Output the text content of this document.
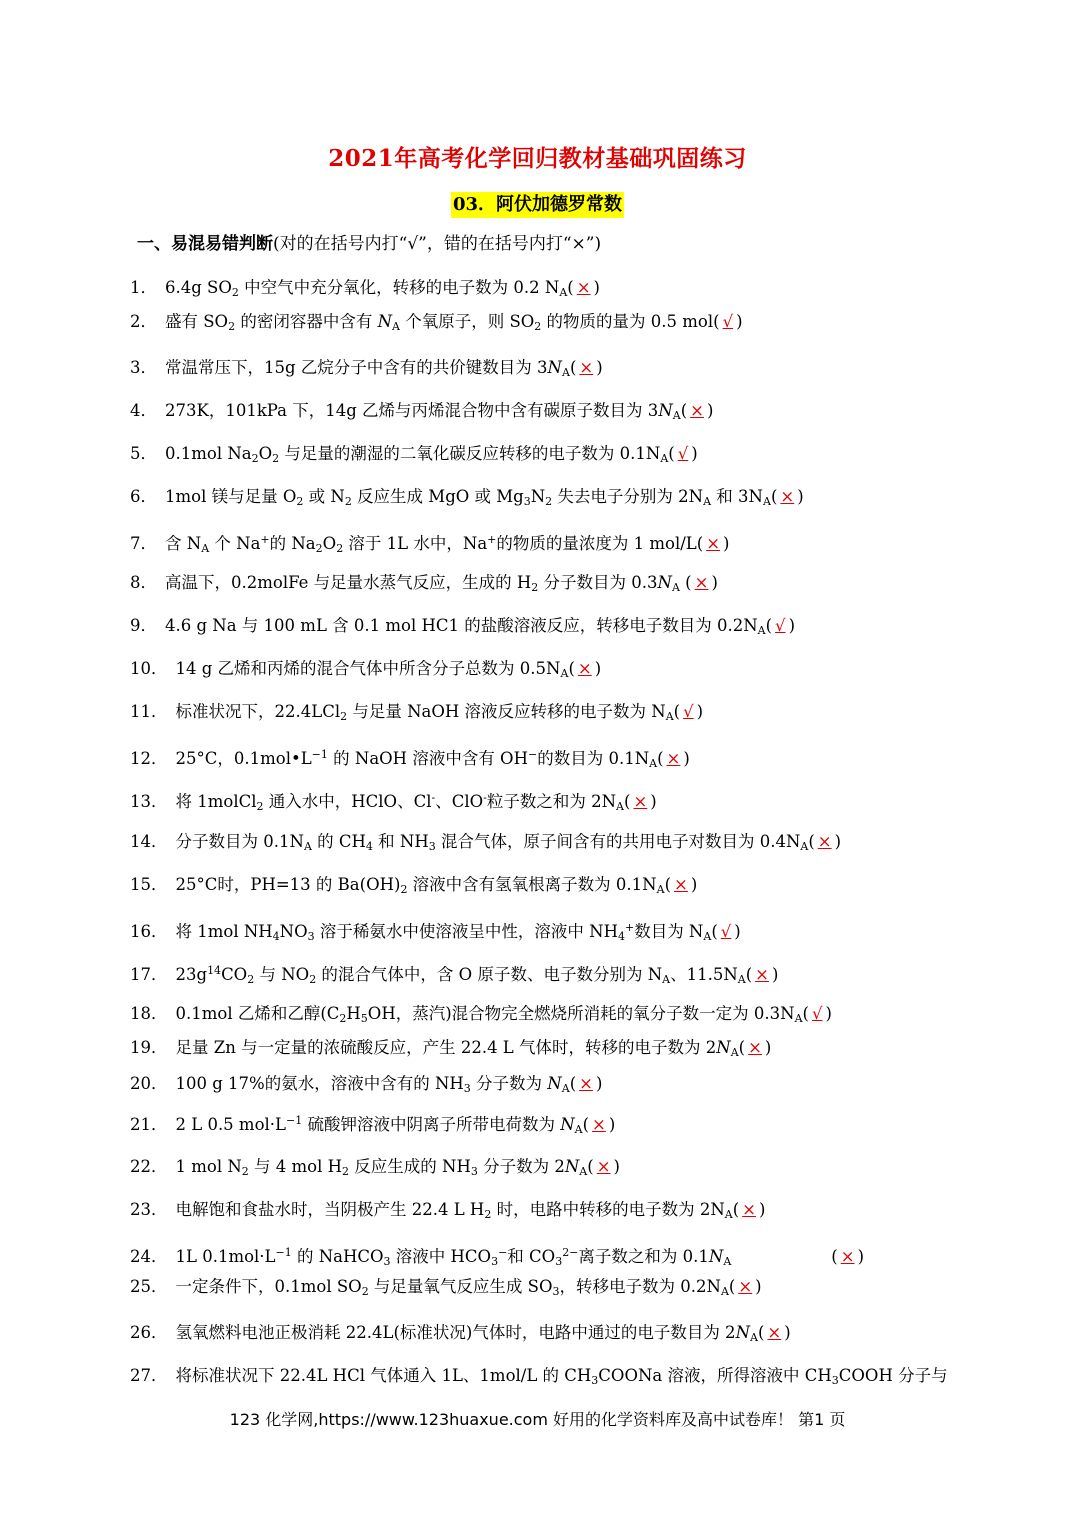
2021年高考化学回归教材基础巩固练习
03．阿伏加德罗常数
一、易混易错判断(对的在括号内打“√”，错的在括号内打“×”)
1． 6.4g $SO_2$ 中空气中充分氧化，转移的电子数为 0.2 $N_A$( × )
2． 盛有 $SO_2$ 的密闭容器中含有 $N_A$ 个氧原子，则 $SO_2$ 的物质的量为 0.5 mol( √ )
3． 常温常压下，15g 乙烷分子中含有的共价键数目为 $3N_A$( × )
4． 273K，101kPa 下，14g 乙烯与丙烯混合物中含有碳原子数目为 $3N_A$( × )
5． 0.1mol $Na_2O_2$ 与足量的潮湿的二氧化碳反应转移的电子数为 $0.1N_A$( √ )
6． 1mol 镁与足量 $O_2$ 或 $N_2$ 反应生成 MgO 或 $Mg_3N_2$ 失去电子分别为 $2N_A$ 和 $3N_A$( × )
7． 含 $N_A$ 个 Na+的 $Na_2O_2$ 溶于 1L 水中，Na+的物质的量浓度为 1 mol/L( × )
8． 高温下，0.2molFe 与足量水蒸气反应，生成的 $H_2$ 分子数目为 $0.3N_A$ ( × )
9． 4.6 g Na 与 100 mL 含 0.1 mol HC1 的盐酸溶液反应，转移电子数目为 $0.2N_A$( √ )
10． 14 g 乙烯和丙烯的混合气体中所含分子总数为 $0.5N_A$( × )
11． 标准状况下，22.4LCl$_2$ 与足量 NaOH 溶液反应转移的电子数为 $N_A$( √ )
12． 25°C，$0.1mol•L^{-1}$ 的 NaOH 溶液中含有 OH−的数目为 $0.1N_A$( × )
13． 将 1molCl$_2$ 通入水中，HClO、Cl-、ClO-粒子数之和为 $2N_A$( × )
14． 分子数目为 $0.1N_A$ 的 $CH_4$ 和 $NH_3$ 混合气体，原子间含有的共用电子对数目为 $0.4N_A$( × )
15． 25°C时，PH=13 的 $Ba(OH)_2$ 溶液中含有氢氧根离子数为 $0.1N_A$( × )
16． 将 1mol $NH_4NO_3$ 溶于稀氨水中使溶液呈中性，溶液中 $NH_4^+$数目为 $N_A$( √ )
17． $23g^{14}CO_2$ 与 $NO_2$ 的混合气体中，含 O 原子数、电子数分别为 $N_A$、$11.5N_A$( × )
18． 0.1mol 乙烯和乙醇($C_2H_5OH$，蒸汽)混合物完全燃烧所消耗的氧分子数一定为 $0.3N_A$( √ )
19． 足量 Zn 与一定量的浓硫酸反应，产生 22.4 L 气体时，转移的电子数为 $2N_A$( × )
20． 100 g 17%的氨水，溶液中含有的 $NH_3$ 分子数为 $N_A$( × )
21． 2 L 0.5 $mol\cdot L^{-1}$ 硫酸钾溶液中阴离子所带电荷数为 $N_A$( × )
22． 1 mol $N_2$ 与 4 mol $H_2$ 反应生成的 $NH_3$ 分子数为 $2N_A$( × )
23． 电解饱和食盐水时，当阴极产生 22.4 L $H_2$ 时，电路中转移的电子数为 $2N_A$( × )
24． 1L $0.1mol\cdot L^{-1}$ 的 NaHCO$_3$ 溶液中 $HCO_3^-$和 $CO_3^{2-}$离子数之和为 $0.1N_A$	( × )
25． 一定条件下，0.1mol $SO_2$ 与足量氧气反应生成 $SO_3$，转移电子数为 $0.2N_A$( × )
26． 氢氧燃料电池正极消耗 22.4L(标准状况)气体时，电路中通过的电子数目为 $2N_A$( × )
27． 将标准状况下 22.4L HCl 气体通入 1L、1mol/L 的 $CH_3COONa$ 溶液，所得溶液中 $CH_3COOH$ 分子与
123 化学网,https://www.123huaxue.com 好用的化学资料库及高中试卷库！ 第1 页
